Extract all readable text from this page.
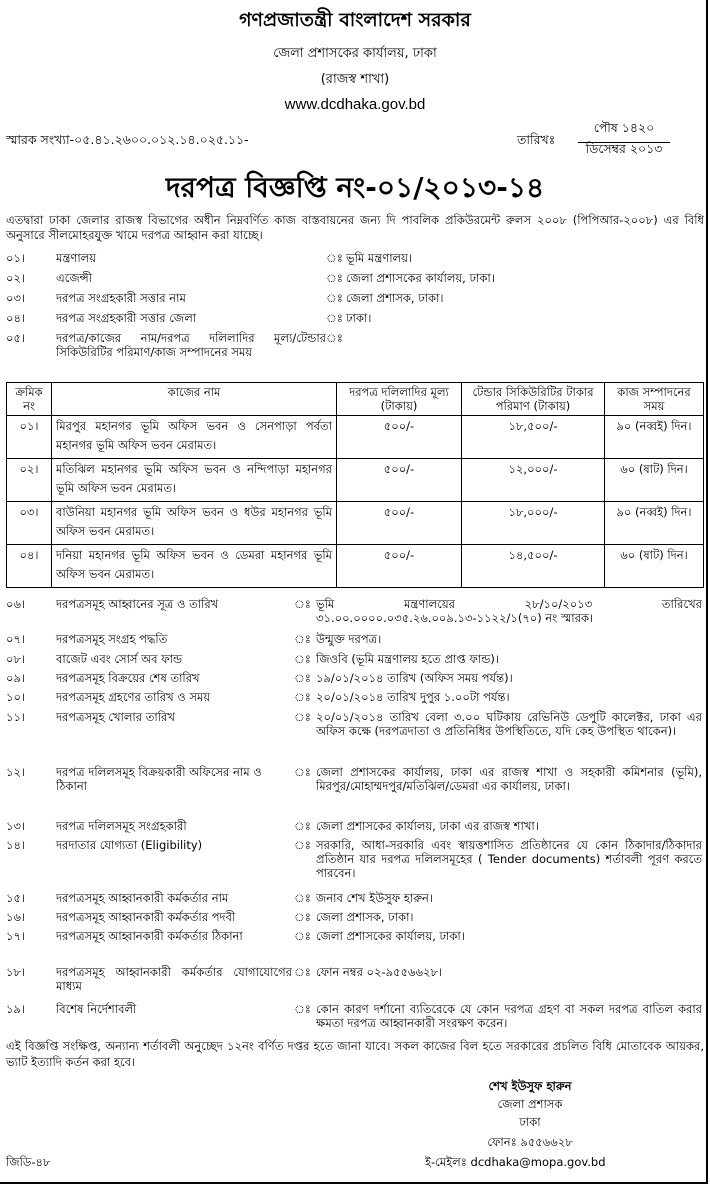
গণপ্রজাতন্ত্রী বাংলাদেশ সরকার
জেলা প্রশাসকের কার্যালয়, ঢাকা
(রাজস্ব শাখা)
www.dcdhaka.gov.bd
স্মারক সংখ্যা-০৫.৪১.২৬০০.০১২.১৪.০২৫.১১-	তারিখঃ
পৌষ ১৪২০
ডিসেম্বর ২০১৩
দরপত্র বিজ্ঞপ্তি নং-০১/২০১৩-১৪
এতদ্বারা ঢাকা জেলার রাজস্ব বিভাগের অধীন নিম্নবর্ণিত কাজ বাস্তবায়নের জন্য দি পাবলিক প্রকিউরমেন্ট রুলস ২০০৮ (পিপিআর-২০০৮) এর বিধি অনুসারে সীলমোহরযুক্ত খামে দরপত্র আহ্বান করা যাচ্ছে।
০১।	মন্ত্রণালয়	ঃ ভূমি মন্ত্রণালয়।
০২।	এজেন্সী	ঃ জেলা প্রশাসকের কার্যালয়, ঢাকা।
০৩।	দরপত্র সংগ্রহকারী সত্তার নাম	ঃ জেলা প্রশাসক, ঢাকা।
০৪।	দরপত্র সংগ্রহকারী সত্তার জেলা	ঃ ঢাকা।
০৫।	দরপত্র/কাজের নাম/দরপত্র দলিলাদির মূল্য/টেন্ডার সিকিউরিটির পরিমাণ/কাজ সম্পাদনের সময়
ঃ
ক্রমিক নং	কাজের নাম	দরপত্র দলিলাদির মূল্য (টাকায়)	টেন্ডার সিকিউরিটির টাকার পরিমাণ (টাকায়)	কাজ সম্পাদনের সময়
০১।	মিরপুর মহানগর ভূমি অফিস ভবন ও সেনপাড়া পর্বতা মহানগর ভূমি অফিস ভবন মেরামত।	৫০০/-	১৮,৫০০/-	৯০ (নব্বই) দিন।
০২।	মতিঝিল মহানগর ভূমি অফিস ভবন ও নন্দিপাড়া মহানগর ভূমি অফিস ভবন মেরামত।	৫০০/-	১২,০০০/-	৬০ (ষাট) দিন।
০৩।	বাউনিয়া মহানগর ভূমি অফিস ভবন ও ধউর মহানগর ভূমি অফিস ভবন মেরামত।	৫০০/-	১৮,০০০/-	৯০ (নব্বই) দিন।
০৪।	দনিয়া মহানগর ভূমি অফিস ভবন ও ডেমরা মহানগর ভূমি অফিস ভবন মেরামত।	৫০০/-	১৪,৫০০/-	৬০ (ষাট) দিন।
০৬।	দরপত্রসমূহ আহ্বানের সূত্র ও তারিখ	ঃ ভূমি মন্ত্রণালয়ের ২৮/১০/২০১৩ তারিখের ৩১.০০.০০০০.০৩৫.২৬.০০৯.১৩-১১২২/১(৭০) নং স্মারক।
০৭।	দরপত্রসমূহ সংগ্রহ পদ্ধতি	ঃ উন্মুক্ত দরপত্র।
০৮।	বাজেট এবং সোর্স অব ফান্ড	ঃ জিওবি (ভূমি মন্ত্রণালয় হতে প্রাপ্ত ফান্ড)।
০৯।	দরপত্রসমূহ বিক্রয়ের শেষ তারিখ	ঃ ১৯/০১/২০১৪ তারিখ (অফিস সময় পর্যন্ত)।
১০।	দরপত্রসমূহ গ্রহণের তারিখ ও সময়	ঃ ২০/০১/২০১৪ তারিখ দুপুর ১.০০টা পর্যন্ত।
১১।	দরপত্রসমূহ খোলার তারিখ	ঃ ২০/০১/২০১৪ তারিখ বেলা ৩.০০ ঘটিকায় রেভিনিউ ডেপুটি কালেক্টর, ঢাকা এর অফিস কক্ষে (দরপত্রদাতা ও প্রতিনিধির উপস্থিতিতে, যদি কেহ উপস্থিত থাকেন)।
১২।	দরপত্র দলিলসমূহ বিক্রয়কারী অফিসের নাম ও ঠিকানা
ঃ জেলা প্রশাসকের কার্যালয়, ঢাকা এর রাজস্ব শাখা ও সহকারী কমিশনার (ভূমি), মিরপুর/মোহাম্মদপুর/মতিঝিল/ডেমরা এর কার্যালয়, ঢাকা।
১৩।	দরপত্র দলিলসমূহ সংগ্রহকারী	ঃ জেলা প্রশাসকের কার্যালয়, ঢাকা এর রাজস্ব শাখা।
১৪।	দরদাতার যোগ্যতা (Eligibility)	ঃ সরকারি, আধা-সরকারি এবং স্বায়ত্তশাসিত প্রতিষ্ঠানের যে কোন ঠিকাদার/ঠিকাদার প্রতিষ্ঠান যার দরপত্র দলিলসমূহের ( Tender documents) শর্তাবলী পূরণ করতে পারবেন।
১৫।	দরপত্রসমূহ আহ্বানকারী কর্মকর্তার নাম	ঃ জনাব শেখ ইউসুফ হারুন।
১৬।	দরপত্রসমূহ আহ্বানকারী কর্মকর্তার পদবী	ঃ জেলা প্রশাসক, ঢাকা।
১৭।	দরপত্রসমূহ আহ্বানকারী কর্মকর্তার ঠিকানা	ঃ জেলা প্রশাসকের কার্যালয়, ঢাকা।
১৮।	দরপত্রসমূহ আহ্বানকারী কর্মকর্তার যোগাযোগের মাধ্যম
ঃ ফোন নম্বর ০২-৯৫৫৬৬২৮।
১৯।	বিশেষ নির্দেশাবলী	ঃ কোন কারণ দর্শানো ব্যতিরেকে যে কোন দরপত্র গ্রহণ বা সকল দরপত্র বাতিল করার ক্ষমতা দরপত্র আহ্বানকারী সংরক্ষণ করেন।
এই বিজ্ঞপ্তি সংক্ষিপ্ত, অন্যান্য শর্তাবলী অনুচ্ছেদ ১২নং বর্ণিত দপ্তর হতে জানা যাবে। সকল কাজের বিল হতে সরকারের প্রচলিত বিধি মোতাবেক আয়কর, ভ্যাট ইত্যাদি কর্তন করা হবে।
শেখ ইউসুফ হারুন
জেলা প্রশাসক
ঢাকা
ফোনঃ ৯৫৫৬৬২৮
ই-মেইলঃ dcdhaka@mopa.gov.bd
জিডি-৪৮
